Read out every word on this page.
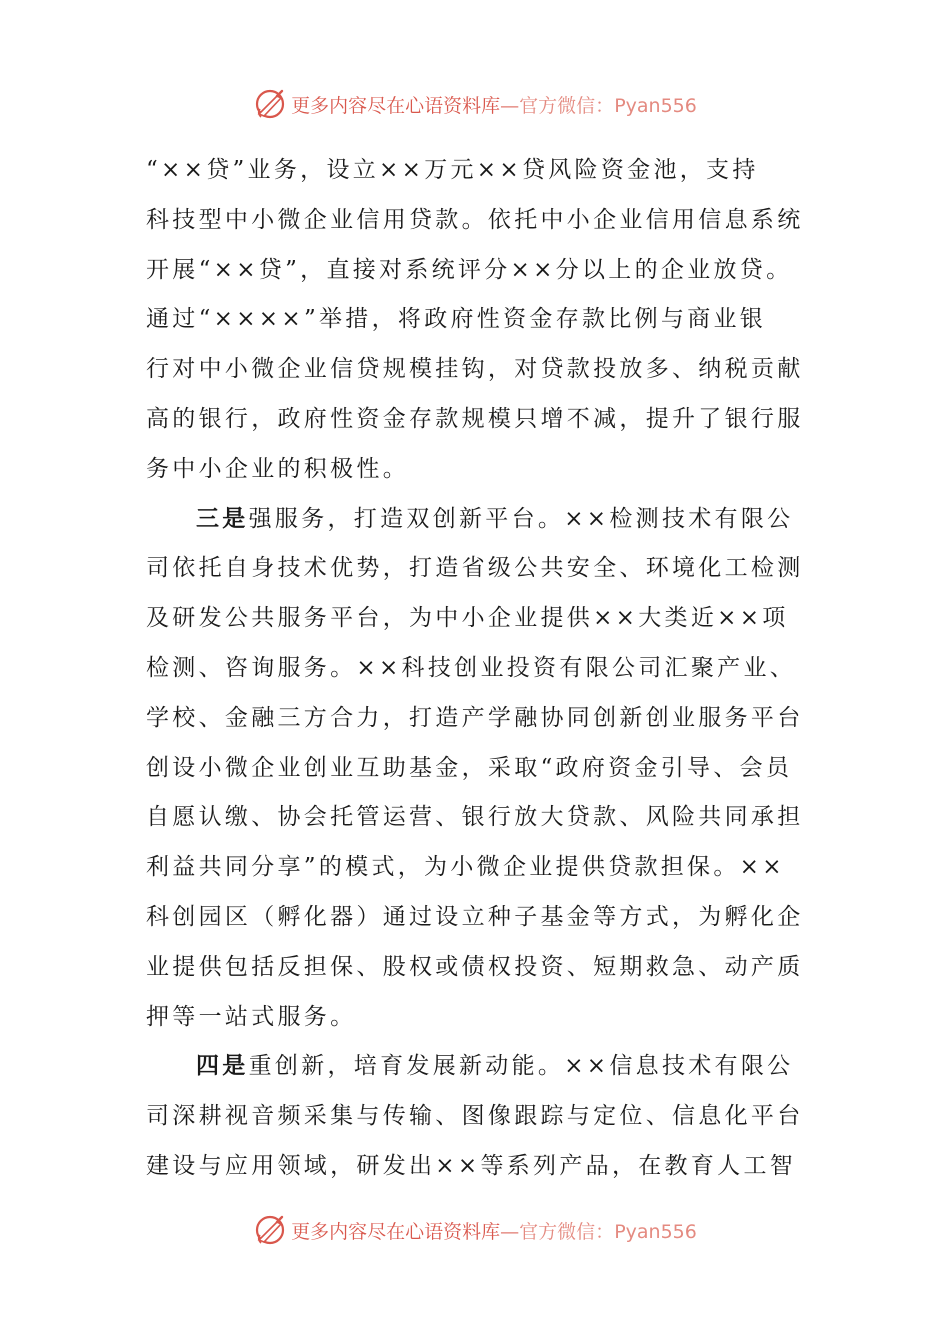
更多内容尽在心语资料库—官方微信：Pyan556

“××贷”业务，设立××万元××贷风险资金池，支持
科技型中小微企业信用贷款。依托中小企业信用信息系统
开展“××贷”，直接对系统评分××分以上的企业放贷。
通过“××××”举措，将政府性资金存款比例与商业银
行对中小微企业信贷规模挂钩，对贷款投放多、纳税贡献
高的银行，政府性资金存款规模只增不减，提升了银行服
务中小企业的积极性。

三是强服务，打造双创新平台。××检测技术有限公
司依托自身技术优势，打造省级公共安全、环境化工检测
及研发公共服务平台，为中小企业提供××大类近××项
检测、咨询服务。××科技创业投资有限公司汇聚产业、
学校、金融三方合力，打造产学融协同创新创业服务平台
创设小微企业创业互助基金，采取“政府资金引导、会员
自愿认缴、协会托管运营、银行放大贷款、风险共同承担
利益共同分享”的模式，为小微企业提供贷款担保。××
科创园区（孵化器）通过设立种子基金等方式，为孵化企
业提供包括反担保、股权或债权投资、短期救急、动产质
押等一站式服务。

四是重创新，培育发展新动能。××信息技术有限公
司深耕视音频采集与传输、图像跟踪与定位、信息化平台
建设与应用领域，研发出××等系列产品，在教育人工智

更多内容尽在心语资料库—官方微信：Pyan556
